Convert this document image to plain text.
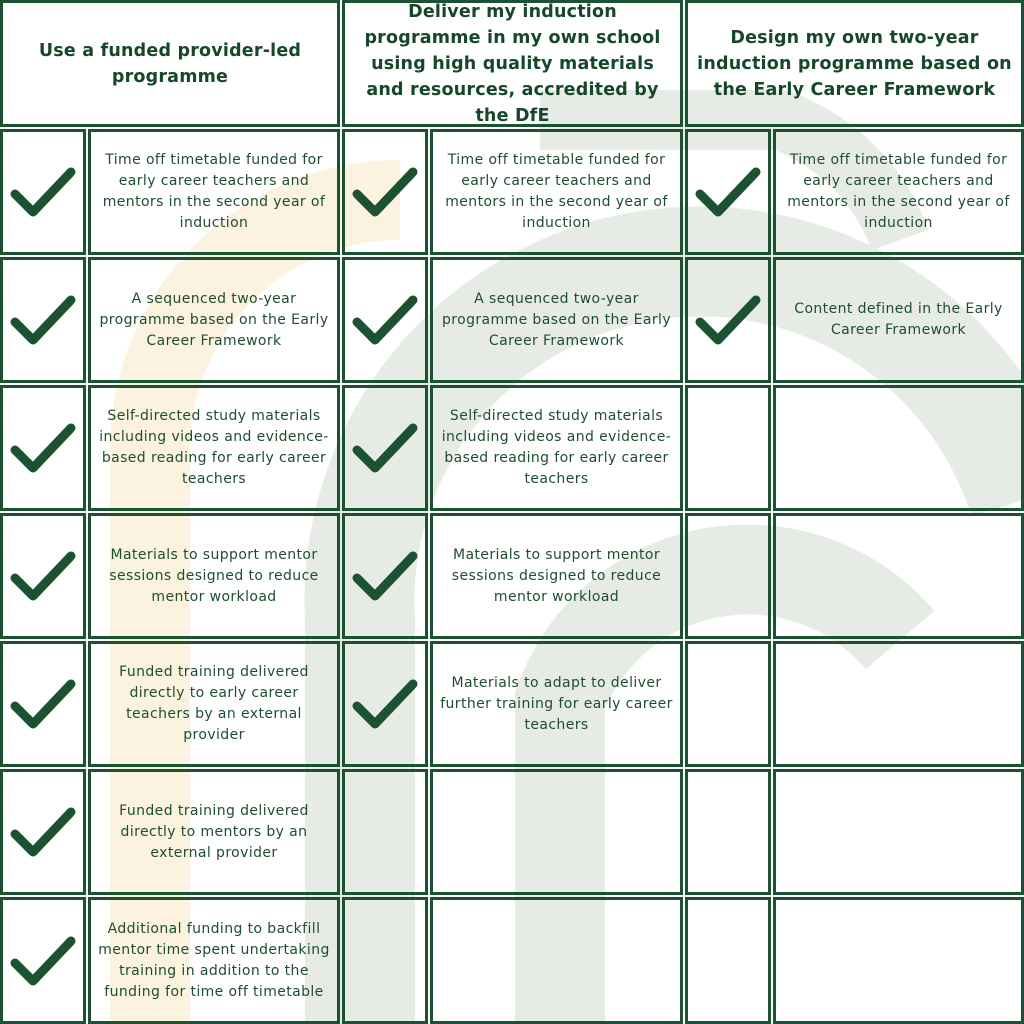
Use a funded provider-led programme
Deliver my induction programme in my own school using high quality materials and resources, accredited by the DfE
Design my own two-year induction programme based on the Early Career Framework
Time off timetable funded for early career teachers and mentors in the second year of induction
A sequenced two-year programme based on the Early Career Framework
Self-directed study materials including videos and evidence-based reading for early career teachers
Materials to support mentor sessions designed to reduce mentor workload
Funded training delivered directly to early career teachers by an external provider
Funded training delivered directly to mentors by an external provider
Additional funding to backfill mentor time spent undertaking training in addition to the funding for time off timetable
Time off timetable funded for early career teachers and mentors in the second year of induction
A sequenced two-year programme based on the Early Career Framework
Self-directed study materials including videos and evidence-based reading for early career teachers
Materials to support mentor sessions designed to reduce mentor workload
Materials to adapt to deliver further training for early career teachers
Time off timetable funded for early career teachers and mentors in the second year of induction
Content defined in the Early Career Framework
